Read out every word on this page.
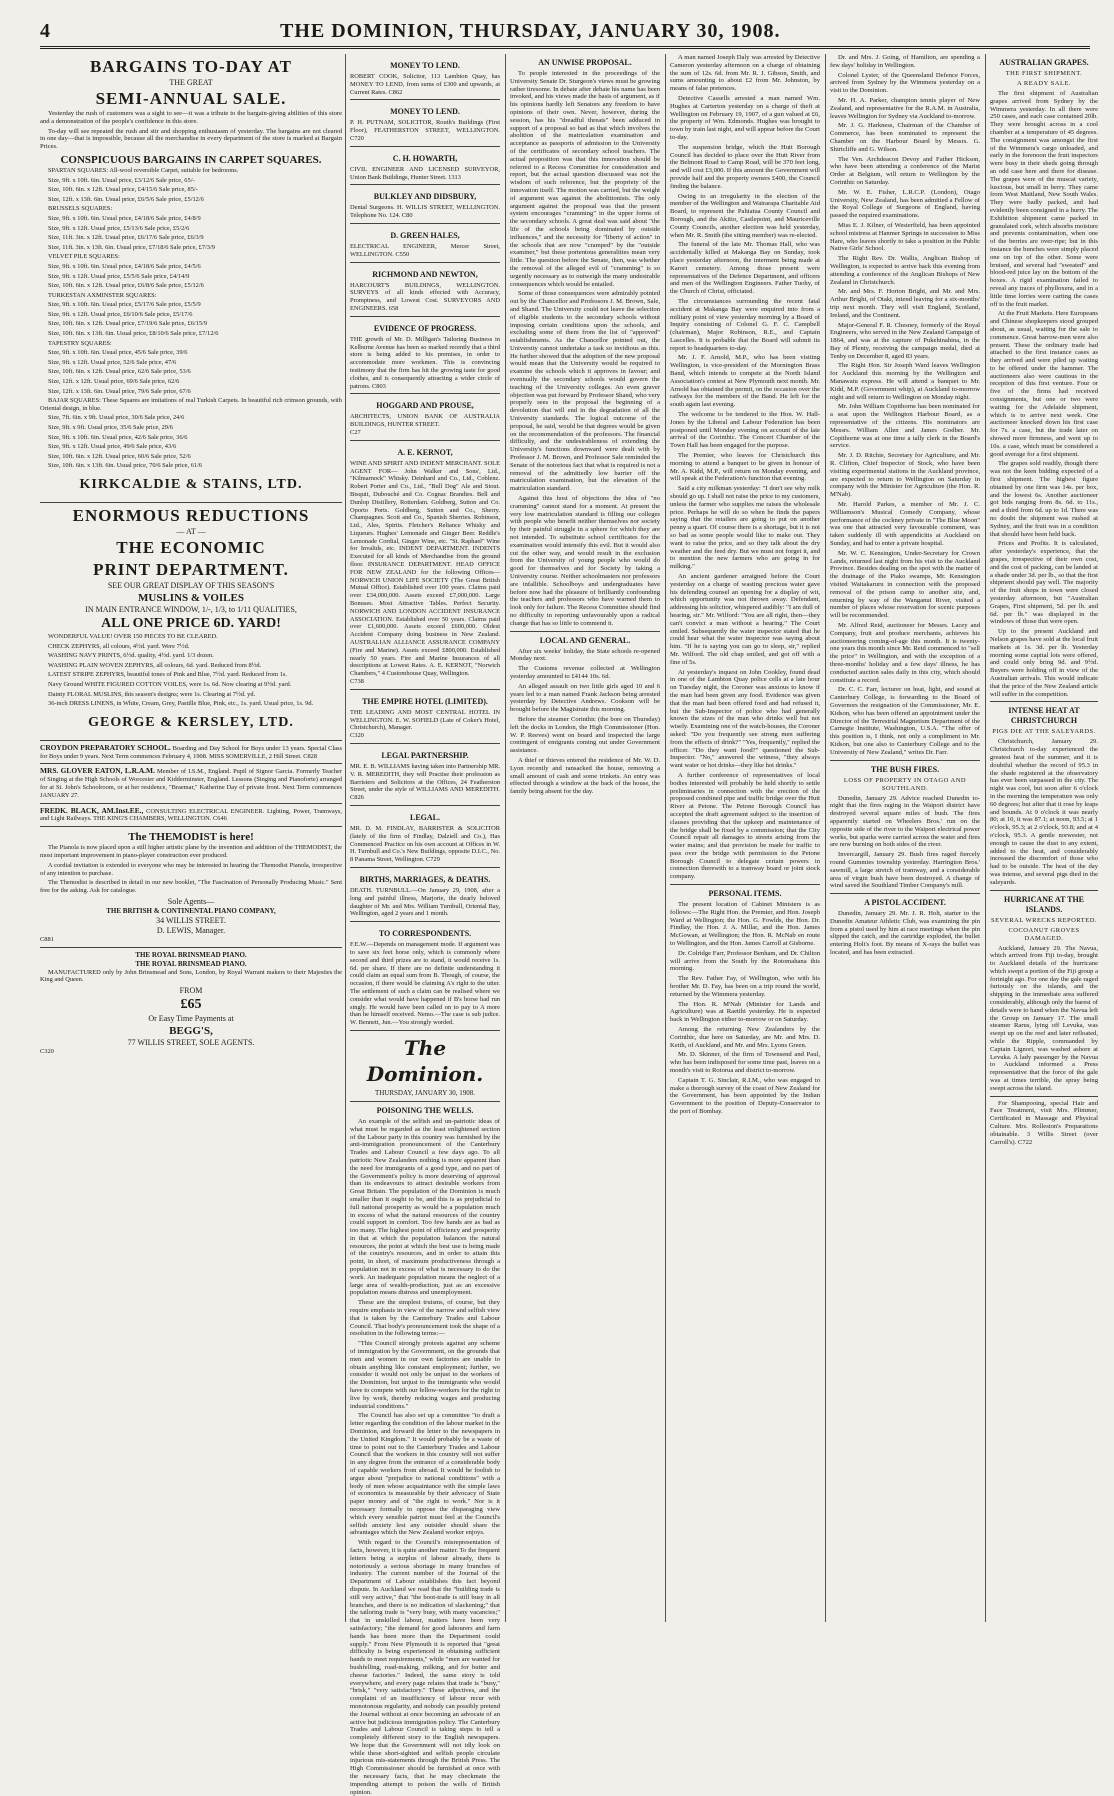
4	THE DOMINION, THURSDAY, JANUARY 30, 1908.
BARGAINS TO-DAY AT
THE GREAT
SEMI-ANNUAL SALE.

Yesterday the rush of customers was a sight to see—it was a tribute to the bargain-giving abilities of this store and a demonstration of the people's confidence in this store.

To-day will see repeated the rush and stir and shopping enthusiasm of yesterday. The bargains are not cleared in one day—that is impossible, because all the merchandise in every department of the store is marked at Bargain Prices.

CONSPICUOUS BARGAINS IN CARPET SQUARES.

SPARTAN SQUARES: All-wool reversible Carpet, suitable for bedrooms.

Size, 9ft. x 10ft. 6in. Usual price, £3/12/6 Sale price, 65/-

Size, 10ft. 6in. x 12ft. Usual price, £4/15/6 Sale price, 85/-

Size, 12ft. x 13ft. 6in. Usual price, £6/5/6 Sale price, £5/12/6

BRUSSELS SQUARES:

Size, 9ft. x 10ft. 6in. Usual price, £4/18/6 Sale price, £4/8/9

Size, 9ft. x 12ft. Usual price, £5/13/6 Sale price, £5/2/6

Size, 11ft. 3in. x 12ft. Usual price, £6/17/6 Sale price, £6/3/9

Size, 11ft. 3in. x 13ft. 6in. Usual price, £7/18/6 Sale price, £7/3/9

VELVET PILE SQUARES:

Size, 9ft. x 10ft. 6in. Usual price, £4/18/6 Sale price, £4/5/6

Size, 9ft. x 12ft. Usual price, £5/5/6 Sale price, £4/14/9

Size, 10ft. 6in. x 12ft. Usual price, £6/8/6 Sale price, £5/12/6

TURKESTAN AXMINSTER SQUARES:

Size, 9ft. x 10ft. 6in. Usual price, £5/17/6 Sale price, £5/5/9

Size, 9ft. x 12ft. Usual price, £6/10/6 Sale price, £5/17/6

Size, 10ft. 6in. x 12ft. Usual price, £7/19/6 Sale price, £6/15/9

Size, 10ft. 6in. x 13ft. 6in. Usual price, £8/10/6 Sale price, £7/12/6

TAPESTRY SQUARES:

Size, 9ft. x 10ft. 6in. Usual price, 45/6 Sale price, 39/6

Size, 9ft. x 12ft. Usual price, 52/6 Sale price, 47/6

Size, 10ft. 6in. x 12ft. Usual price, 62/6 Sale price, 53/6

Size, 12ft. x 12ft. Usual price, 69/6 Sale price, 62/6

Size, 12ft. x 13ft. 6in. Usual price, 79/6 Sale price, 67/6

BAJAR SQUARES: These Squares are imitations of real Turkish Carpets. In beautiful rich crimson grounds, with Oriental design, in blue.

Size, 7ft. 6in. x 9ft. Usual price, 30/6 Sale price, 24/6

Size, 9ft. x 9ft. Usual price, 35/6 Sale price, 29/6

Size, 9ft. x 10ft. 6in. Usual price, 42/6 Sale price, 36/6

Size, 9ft. x 12ft. Usual price, 49/6 Sale price, 43/6

Size, 10ft. 6in. x 12ft. Usual price, 60/6 Sale price, 52/6

Size, 10ft. 6in. x 13ft. 6in. Usual price, 70/6 Sale price, 61/6

KIRKCALDIE & STAINS, LTD.
ENORMOUS REDUCTIONS
— AT —
THE ECONOMIC
PRINT DEPARTMENT.
SEE OUR GREAT DISPLAY OF THIS SEASON'S
MUSLINS & VOILES
IN MAIN ENTRANCE WINDOW, 1/-, 1/3, to 1/11 QUALITIES,
ALL ONE PRICE 6D. YARD!

WONDERFUL VALUE! OVER 150 PIECES TO BE CLEARED.

CHECK ZEPHYRS, all colours, 4½d. yard. Were 7½d.

WASHING NAVY PRINTS, 6½d. quality, 4½d. yard. 1/3 dozen.

WASHING PLAIN WOVEN ZEPHYRS, all colours, 6d. yard. Reduced from 8½d.

LATEST STRIPE ZEPHYRS, beautiful tones of Pink and Blue, 7½d. yard. Reduced from 1s.

Navy Ground WHITE FIGURED COTTON VOILES, were 1s. 6d. Now clearing at 9½d. yard.

Dainty FLORAL MUSLINS, this season's designs; were 1s. Clearing at 7½d. yd.

36-inch DRESS LINENS, in White, Cream, Grey, Pastille Blue, Pink, etc., 1s. yard. Usual price, 1s. 9d.

GEORGE & KERSLEY, LTD.
CROYDON PREPARATORY SCHOOL. Boarding and Day School for Boys under 13 years. Special Class for Boys under 9 years. Next Term commences February 4, 1908. MISS SOMERVILLE, 2 Hill Street. C828
MRS. GLOVER EATON, L.R.A.M. Member of I.S.M., England. Pupil of Signor Garcia. Formerly Teacher of Singing at the High Schools of Worcester and Kidderminster, England. Lessons (Singing and Pianoforte) arranged for at St. John's Schoolroom, or at her residence, "Braemar," Katherine Day of private front. Next Term commences JANUARY 27.
FREDK. BLACK, AM.Inst.EE., CONSULTING ELECTRICAL ENGINEER. Lighting, Power, Tramways, and Light Railways. THE KING'S CHAMBERS, WELLINGTON. C646
The THEMODIST is here!

The Pianola is now placed upon a still higher artistic plane by the invention and addition of the THEMODIST, the most important improvement in piano-player construction ever produced.

A cordial invitation is extended to everyone who may be interested in hearing the Themodist Pianola, irrespective of any intention to purchase.

The Themodist is described in detail in our new booklet, "The Fascination of Personally Producing Music." Sent free for the asking. Ask for catalogue.

Sole Agents—
THE BRITISH & CONTINENTAL PIANO COMPANY,
34 WILLIS STREET.
D. LEWIS, Manager.
C881
THE ROYAL BRINSMEAD PIANO.
THE ROYAL BRINSMEAD PIANO.

MANUFACTURED only by John Brinsmead and Sons, London, by Royal Warrant makers to their Majesties the King and Queen.

FROM
£65
Or Easy Time Payments at
BEGG'S,
77 WILLIS STREET, SOLE AGENTS.
C320
MONEY TO LEND.
ROBERT COOK, Solicitor, 113 Lambton Quay, has MONEY TO LEND, from sums of £300 and upwards, at Current Rates. C862
MONEY TO LEND.
P. H. PUTNAM, SOLICITOR, Routh's Buildings (First Floor), FEATHERSTON STREET, WELLINGTON. C720
C. H. HOWARTH,
CIVIL ENGINEER AND LICENSED SURVEYOR, Union Bank Buildings, Hunter Street. 1313
BULKLEY AND DIDSBURY,
Dental Surgeons. H. WILLIS STREET, WELLINGTON. Telephone No. 124. C80
D. GREEN HALES,
ELECTRICAL ENGINEER, Mercer Street, WELLINGTON. C550
RICHMOND AND NEWTON,
HARCOURT'S BUILDINGS, WELLINGTON. SURVEYS of all kinds effected with Accuracy, Promptness, and Lowest Cost. SURVEYORS AND ENGINEERS. 658
EVIDENCE OF PROGRESS.
THE growth of Mr. D. Milligan's Tailoring Business in Kelburne Avenue has been so marked recently that a third store is being added to his premises, in order to accommodate more workmen. This is convincing testimony that the firm has hit the growing taste for good clothes, and is consequently attracting a wider circle of patrons. C803
HOGGARD AND PROUSE,
ARCHITECTS, UNION BANK OF AUSTRALIA BUILDINGS, HUNTER STREET.
C27
A. E. KERNOT,
WINE AND SPIRIT AND INDENT MERCHANT. SOLE AGENT FOR— John Walker and Sons', Ltd., "Kilmarnock" Whisky. Deinhard and Co., Ltd., Coblenz. Robert Porter and Co., Ltd., "Bull Dog" Ale and Stout. Bisquit, Dubouché and Co. Cognac Brandies. Bell and Dunlop Distillery, Rotterdam. Goldberg, Sutton and Co. Oporto Ports. Goldberg, Sutton and Co., Sherry. Champagnes. Scott and Co., Spanish Sherries. Robinson, Ltd., Ales, Spirits. Fletcher's Reliance Whisky and Liqueurs. Hughes' Lemonade and Ginger Beer. Reddle's Lemonade Cordial, Ginger Wine, etc. "St. Raphael" Wine for Invalids, etc. INDENT DEPARTMENT. INDENTS Executed for all kinds of Merchandise from the ground floor. INSURANCE DEPARTMENT. HEAD OFFICE FOR NEW ZEALAND for the following Offices— NORWICH UNION LIFE SOCIETY (The Great British Mutual Office). Established over 100 years. Claims paid over £34,000,000. Assets exceed £7,000,000. Large Bonuses. Most Attractive Tables. Perfect Security. NORWICH AND LONDON ACCIDENT INSURANCE ASSOCIATION. Established over 50 years. Claims paid over £1,600,000. Assets exceed £600,000. Oldest Accident Company doing business in New Zealand. AUSTRALIAN ALLIANCE ASSURANCE COMPANY (Fire and Marine). Assets exceed £800,000. Established nearly 50 years. Fire and Marine Insurances of all descriptions at Lowest Rates. A. E. KERNOT, "Norwich Chambers," 4 Customhouse Quay, Wellington.
C738
THE EMPIRE HOTEL (LIMITED).
THE LEADING AND MOST CENTRAL HOTEL IN WELLINGTON. E. W. SOFIELD (Late of Coker's Hotel, Christchurch), Manager.
C320
LEGAL PARTNERSHIP.
MR. E. B. WILLIAMS having taken into Partnership MR. V. R. MEREDITH, they will Practise their profession as Barristers and Solicitors at the Offices, 24 Featherston Street, under the style of WILLIAMS AND MEREDITH. C826
LEGAL.
MR. D. M. FINDLAY, BARRISTER & SOLICITOR (lately of the firm of Findlay, Dalziell and Co.), Has Commenced Practice on his own account at Offices in W. H. Turnbull and Co.'s New Buildings, opposite D.I.C., No. 8 Panama Street, Wellington. C729
BIRTHS, MARRIAGES, & DEATHS.
DEATH. TURNBULL.—On January 29, 1908, after a long and painful illness, Marjorie, the dearly beloved daughter of Mr. and Mrs. William Turnbull, Oriental Bay, Wellington, aged 2 years and 1 month.
TO CORRESPONDENTS.
F.E.W.—Depends on management mode. If argument was to save six feet horse only, which is commonly where second and third prizes are to stand, it would receive 1s. 6d. per share. If there are no definite understanding it could claim an equal sum from B. Though, of course, the occasion, if there would be claiming A's right to the utter. The settlement of such a claim can be realised where we consider what would have happened if B's horse had run singly. He would have been called on to pay to A more than he himself received. Nemo.—The case is sub judice. W. Bennett, Jun.—You strongly worded.
The Dominion.
THURSDAY, JANUARY 30, 1908.
POISONING THE WELLS.

An example of the selfish and un-patriotic ideas of what must be regarded as the least enlightened section of the Labour party in this country was furnished by the anti-immigration pronouncement of the Canterbury Trades and Labour Council a few days ago. To all patriotic New Zealanders nothing is more apparent than the need for immigrants of a good type, and no part of the Government's policy is more deserving of approval than its endeavours to attract desirable workers from Great Britain. The population of the Dominion is much smaller than it ought to be, and this is as prejudicial to full national prosperity as would be a population much in excess of what the natural resources of the country could support in comfort. Too few hands are as bad as too many. The highest point of efficiency and prosperity in that at which the population balances the natural resources, the point at which the best use is being made of the country's resources, and in order to attain this point, in short, of maximum productiveness through a population not in excess of what is necessary to do the work. An inadequate population means the neglect of a large area of wealth-production, just as an excessive population means distress and unemployment.

These are the simplest truisms, of course, but they require emphasis in view of the narrow and selfish view that is taken by the Canterbury Trades and Labour Council. That body's pronouncement took the shape of a resolution in the following terms:—

"This Council strongly protests against any scheme of immigration by the Government, on the grounds that men and women in our own factories are unable to obtain anything like constant employment; further, we consider it would not only be unjust to the workers of the Dominion, but unjust to the immigrants who would have to compete with our fellow-workers for the right to live by work, thereby reducing wages and producing industrial conditions."

The Council has also set up a committee "to draft a letter regarding the condition of the labour market in the Dominion, and forward the letter to the newspapers in the United Kingdom." It would probably be a waste of time to point out to the Canterbury Trades and Labour Council that the workers in this country will not suffer in any degree from the entrance of a considerable body of capable workers from abroad. It would be foolish to argue about "prejudice to national conditions" with a body of men whose acquaintance with the simple laws of economics is measurable by their advocacy of State paper money and of "the right to work." Nor is it necessary formally to oppose the disparaging view which every sensible patriot must feel at the Council's selfish anxiety lest any outsider should share the advantages which the New Zealand worker enjoys.

With regard to the Council's misrepresentation of facts, however, it is quite another matter. To the frequent letters being a surplus of labour already, there is notoriously a serious shortage in many branches of industry. The current number of the Journal of the Department of Labour establishes this fact beyond dispute. In Auckland we read that the "building trade is still very active," that "the boot-trade is still busy in all branches, and there is no indication of slackening;" that the tailoring trade is "very busy, with many vacancies;" that in unskilled labour, matters have been very satisfactory; "the demand for good labourers and farm hands has been more than the Department could supply." From New Plymouth it is reported that "great difficulty is being experienced in obtaining sufficient hands to meet requirements," while "men are wanted for bushfelling, road-making, milking, and for butter and cheese factories." Indeed, the same story is told everywhere, and every page relates that trade is "busy," "brisk," "very satisfactory." These adjectives, and the complaint of an insufficiency of labour recur with monotonous regularity, and nobody can possibly pretend the Journal without at once becoming an advocate of an active but judicious immigration policy. The Canterbury Trades and Labour Council is taking steps to tell a completely different story to the English newspapers. We hope that the Government will not idly look on while these short-sighted and selfish people circulate injurious mis-statements through the British Press. The High Commissioner should be furnished at once with the necessary facts, that he may checkmate the impending attempt to poison the wells of British opinion.

AN UNWISE PROPOSAL.

To people interested in the proceedings of the University Senate Dr. Sturgeon's views must be growing rather tiresome. In debate after debate his name has been invoked, and his views made the basis of argument, as if his opinions hardly left Senators any freedom to have opinions of their own. Never, however, during the session, has his "dreadful threats" been adduced in support of a proposal so bad as that which involves the abolition of the matriculation examination and acceptance as passports of admission to the University of the certificates of secondary school teachers. The actual proposition was that this innovation should be referred to a Recess Committee for consideration and report, but the actual question discussed was not the wisdom of such reference, but the propriety of the innovation itself. The motion was carried, but the weight of argument was against the abolitionists. The only argument against the proposal was that the present system encourages "cramming" in the upper forms of the secondary schools. A great deal was said about "the life of the schools being dominated by outside influences," and the necessity for "liberty of action" in the schools that are now "cramped" by the "outside examiner," but these portentous generalities mean very little. The question before the Senate, then, was whether the removal of the alleged evil of "cramming" is so urgently necessary as to outweigh the many undesirable consequences which would be entailed.

Some of those consequences were admirably pointed out by the Chancellor and Professors J. M. Brown, Sale, and Shand. The University could not leave the selection of eligible students to the secondary schools without imposing certain conditions upon the schools, and excluding some of them from the list of "approved" establishments. As the Chancellor pointed out, the University cannot undertake a task so invidious as this. He further showed that the adoption of the new proposal would mean that the University would be required to examine the schools which it approves in favour; and eventually the secondary schools would govern the teaching of the University colleges. An even graver objection was put forward by Professor Shand, who very properly sees in the proposal the beginning of a devolution that will end in the degradation of all the University standards. The logical outcome of the proposal, he said, would be that degrees would be given on the recommendation of the professors. The financial difficulty, and the undesirableness of extending the University's functions downward were dealt with by Professor J. M. Brown, and Professor Sale reminded the Senate of the notorious fact that what is required is not a removal of the admittedly low barrier off the matriculation examination, but the elevation of the matriculation standard.

Against this host of objections the idea of "no cramming" cannot stand for a moment. At present the very low matriculation standard is filling our colleges with people who benefit neither themselves nor society by their painful struggle in a sphere for which they are not intended. To substitute school certificates for the examination would intensify this evil. But it would also cut the other way, and would result in the exclusion from the University of young people who would do good for themselves and for Society by taking a University course. Neither schoolmasters nor professors are infallible. Schoolboys and undergraduates have before now had the pleasure of brilliantly confounding the teachers and professors who have warned them to look only for failure. The Recess Committee should find no difficulty in reporting unfavourably upon a radical change that has so little to commend it.

LOCAL AND GENERAL.

After six weeks' holiday, the State schools re-opened Monday next.

The Customs revenue collected at Wellington yesterday amounted to £4144 10s. 6d.

An alleged assault on two little girls aged 10 and 6 years led to a man named Frank Jackson being arrested yesterday by Detective Andrews. Cookson will be brought before the Magistrate this morning.

Before the steamer Corinthic (the bore on Thursday) left the docks in London, the High Commissioner (Hon. W. P. Reeves) went on board and inspected the large contingent of emigrants coming out under Government assistance.

A thief or thieves entered the residence of Mr. W. D. Lyon recently and ransacked the house, removing a small amount of cash and some trinkets. An entry was effected through a window at the back of the house, the family being absent for the day.

A man named Joseph Daly was arrested by Detective Cameron yesterday afternoon on a charge of obtaining the sum of 12s. 6d. from Mr. R. J. Gibson, Smith, and sums amounting to about £2 from Mr. Johnston, by means of false pretences.

Detective Cassells arrested a man named Wm. Hughes at Carterton yesterday on a charge of theft at Wellington on February 19, 1907, of a gun valued at £6, the property of Wm. Edmonds. Hughes was brought to town by train last night, and will appear before the Court to-day.

The suspension bridge, which the Hutt Borough Council has decided to place over the Hutt River from the Belmont Road to Camp Road, will be 370 feet long, and will cost £3,000. If this amount the Government will provide half and the property owners £400, the Council finding the balance.

Owing to an irregularity in the election of the member of the Wellington and Wairarapa Charitable Aid Board, to represent the Pahiatua County Council and Borough, and the Akitio, Castlepoint, and Mauriceville County Councils, another election was held yesterday, when Mr. R. Smith (the sitting member) was re-elected.

The funeral of the late Mr. Thomas Hall, who was accidentally killed at Makanga Bay on Sunday, took place yesterday afternoon, the interment being made at Karori cemetery. Among those present were representatives of the Defence Department, and officers and men of the Wellington Engineers. Father Tuohy, of the Church of Christ, officiated.

The circumstances surrounding the recent fatal accident at Makanga Bay were enquired into from a military point of view yesterday morning by a Board of Inquiry consisting of Colonel G. F. C. Campbell (chairman), Major Robinson, R.E., and Captain Lascelles. It is probable that the Board will submit its report to headquarters to-day.

Mr. J. F. Arnold, M.P., who has been visiting Wellington, is vice-president of the Mornington Brass Band, which intends to compete at the North Island Association's contest at New Plymouth next month. Mr. Arnold has obtained the permit, on the occasion over the railways for the members of the Band. He left for the south again last evening.

The welcome to be tendered to the Hon. W. Hall-Jones by the Liberal and Labour Federation has been postponed until Monday evening on account of the late arrival of the Corinthic. The Concert Chamber of the Town Hall has been engaged for the purpose.

The Premier, who leaves for Christchurch this morning to attend a banquet to be given in honour of Mr. A. Kidd, M.P., will return on Monday evening, and will speak at the Federation's function that evening.

Said a city milkman yesterday: "I don't see why milk should go up. I shall not raise the price to my customers, unless the farmer who supplies me raises the wholesale price. Perhaps he will do so when he finds the papers saying that the retailers are going to put on another penny a quart. Of course there is a shortage, but it is not so bad as some people would like to make out. They want to raise the price, and so they talk about the dry weather and the feed dry. But we must not forget it, and to mention the new farmers who are going in for milking."

An ancient gardener arraigned before the Court yesterday on a charge of wasting precious water gave his defending counsel an opening for a display of wit, which opportunity was not thrown away. Defendant, addressing his solicitor, whispered audibly: "I am dull of hearing, sir." Mr. Wilford: "You are all right, then—they can't convict a man without a hearing." The Court smiled. Subsequently the water inspector stated that he could hear what the water inspector was saying about him. "If he is saying you can go to sleep, sir," replied Mr. Wilford. The old chap smiled, and got off with a fine of 5s.

At yesterday's inquest on John Cookley, found dead in one of the Lambton Quay police cells at a late hour on Tuesday night, the Coroner was anxious to know if the man had been given any food. Evidence was given that the man had been offered food and had refused it, but the Sub-Inspector of police who had generally known the sizes of the man who drinks well but not wisely. Examining one of the watch-houses, the Coroner asked: "Do you frequently see strong men suffering from the effects of drink?" "Yes, frequently," replied the officer. "Do they want food?" questioned the Sub-Inspector. "No," answered the witness, "they always want water or hot drinks—they like hot drinks."

A further conference of representatives of local bodies interested will probably be held shortly to settle preliminaries in connection with the erection of the proposed combined pipe and traffic bridge over the Hutt River at Petone. The Petone Borough Council has accepted the draft agreement subject to the insertion of clauses providing that the upkeep and maintenance of the bridge shall be fixed by a commission; that the City Council repair all damages to streets arising from the water mains; and that provision be made for traffic to pass over the bridge with permission to the Petone Borough Council to delegate certain powers in connection therewith to a tramway board or joint stock company.

PERSONAL ITEMS.

The present location of Cabinet Ministers is as follows:—The Right Hon. the Premier, and Hon. Joseph Ward at Wellington; the Hon. G. Fowlds, the Hon. Dr. Findlay, the Hon. J. A. Millar, and the Hon. James McGowan, at Wellington; the Hon. R. McNab en route to Wellington, and the Hon. James Carroll at Gisborne.

Dr. Colridge Farr, Professor Benham, and Dr. Chilton will arrive from the South by the Rotomahana this morning.

The Rev. Father Fay, of Wellington, who with his brother Mr. D. Fay, has been on a trip round the world, returned by the Wimmera yesterday.

The Hon. R. M'Nab (Minister for Lands and Agriculture) was at Raetihi yesterday. He is expected back in Wellington either to-morrow or on Saturday.

Among the returning New Zealanders by the Corinthic, due here on Saturday, are Mr. and Mrs. D. Keith, of Auckland, and Mr. and Mrs. Lyons Green.

Mr. D. Skinner, of the firm of Townsend and Paul, who has been indisposed for some time past, leaves on a month's visit to Rotorua and district to-morrow.

Captain T. G. Sinclair, R.I.M., who was engaged to make a thorough survey of the coast of New Zealand for the Government, has been appointed by the Indian Government to the position of Deputy-Conservator to the port of Bombay.

Dr. and Mrs. J. Going, of Hamilton, are spending a few days' holiday in Wellington.

Colonel Lyster, of the Queensland Defence Forces, arrived from Sydney by the Wimmera yesterday on a visit to the Dominion.

Mr. H. A. Parker, champion tennis player of New Zealand, and representative for the R.A.M. in Australia, leaves Wellington for Sydney via Auckland to-morrow.

Mr. J. G. Harkness, Chairman of the Chamber of Commerce, has been nominated to represent the Chamber on the Harbour Board by Messrs. G. Shirtcliffe and G. Wilson.

The Ven. Archdeacon Devoy and Father Hickson, who have been attending a conference of the Marist Order at Belgium, will return to Wellington by the Corinthic on Saturday.

Mr. W. E. Fisher, L.R.C.P. (London), Otago University, New Zealand, has been admitted a Fellow of the Royal College of Surgeons of England, having passed the required examinations.

Miss E. J. Kilner, of Westerfield, has been appointed school mistress at Hanmer Springs in succession to Miss Hare, who leaves shortly to take a position in the Public Native Girls' School.

The Right Rev. Dr. Wallis, Anglican Bishop of Wellington, is expected to arrive back this evening from attending a conference of the Anglican Bishops of New Zealand in Christchurch.

Mr. and Mrs. F. Horton Bright, and Mr. and Mrs. Arthur Bright, of Otaki, intend leaving for a six-months' trip next month. They will visit England, Scotland, Ireland, and the Continent.

Major-General F. R. Chesney, formerly of the Royal Engineers, who served in the New Zealand Campaign of 1864, and was at the capture of Pukehinahina, in the Bay of Plenty, receiving the campaign medal, died at Tenby on December 8, aged 83 years.

The Right Hon. Sir Joseph Ward leaves Wellington for Auckland this morning by the Wellington and Manawatu express. He will attend a banquet to Mr. Kidd, M.P. (Government whip), at Auckland to-morrow night and will return to Wellington on Monday night.

Mr. John William Copithorne has been nominated for a seat upon the Wellington Harbour Board, as a representative of the citizens. His nominators are Messrs. William Allen and James Godber. Mr. Copithorne was at one time a tally clerk in the Board's service.

Mr. J. D. Ritchie, Secretary for Agriculture, and Mr. R. Clifton, Chief Inspector of Stock, who have been visiting experimental stations in the Auckland province, are expected to return to Wellington on Saturday in company with the Minister for Agriculture (the Hon. R. M'Nab).

Mr. Harold Parkes, a member of Mr. J. C. Williamson's Musical Comedy Company, whose performance of the cockney private in "The Blue Moon" was one that attracted very favourable comment, was taken suddenly ill with appendicitis at Auckland on Sunday, and had to enter a private hospital.

Mr. W. C. Kensington, Under-Secretary for Crown Lands, returned last night from his visit to the Auckland Province. Besides dealing on the spot with the matter of the drainage of the Piako swamps, Mr. Kensington visited Waitakaruru in connection with the proposed removal of the prison camp to another site, and, returning by way of the Wanganui River, visited a number of places whose reservation for scenic purposes will be recommended.

Mr. Alfred Reid, auctioneer for Messrs. Lacey and Company, fruit and produce merchants, achieves his auctioneering coming-of-age this month. It is twenty-one years this month since Mr. Reid commenced to "sell the price" in Wellington, and with the exception of a three-months' holiday and a few days' illness, he has conducted auction sales daily in this city, which should constitute a record.

Dr. C. C. Farr, lecturer on heat, light, and sound at Canterbury College, is forwarding to the Board of Governors the resignation of the Commissioner, Mr. E. Kidson, who has been offered an appointment under the Director of the Terrestrial Magnetism Department of the Carnegie Institute, Washington, U.S.A. "The offer of this position is, I think, not only a compliment to Mr. Kidson, but one also to Canterbury College and to the University of New Zealand," writes Dr. Farr.

THE BUSH FIRES.
LOSS OF PROPERTY IN OTAGO AND SOUTHLAND.

Dunedin, January 29. Advice reached Dunedin to-night that the fires raging in the Waipori district have destroyed several square miles of bush. The fires apparently started on Wheelers Bros.' run on the opposite side of the river to the Waipori electrical power works, but sparks were carried across the water and fires are now burning on both sides of the river.

Invercargill, January 29. Bush fires raged fiercely round Gummies township yesterday. Harrington Bros.' sawmill, a large stretch of tramway, and a considerable area of virgin bush have been destroyed. A change of wind saved the Southland Timber Company's mill.

A PISTOL ACCIDENT.

Dunedin, January 29. Mr. J. R. Holt, starter to the Dunedin Amateur Athletic Club, was examining the pin from a pistol used by him at race meetings when the pin slipped the catch, and the cartridge exploded, the bullet entering Holt's foot. By means of X-rays the bullet was located, and has been extracted.

AUSTRALIAN GRAPES.
THE FIRST SHIPMENT.
A READY SALE.

The first shipment of Australian grapes arrived from Sydney by the Wimmera yesterday. In all there were 250 cases, and each case contained 20lb. They were brought across in a cool chamber at a temperature of 45 degrees. The consignment was amongst the first of the Wimmera's cargo unloaded, and early in the forenoon the fruit inspectors were busy in their sheds going through an odd case here and there for disease. The grapes were of the muscat variety, luscious, but small in berry. They came from West Maitland, New South Wales. They were badly packed, and had evidently been consigned in a hurry. The Exhibition shipment came packed in granulated cork, which absorbs moisture and prevents contamination, when one of the berries are over-ripe; but in this instance the bunches were simply placed one on top of the other. Some were bruised, and several had "sweated" and blood-red juice lay on the bottom of the boxes. A rigid examination failed to reveal any traces of phylloxera, and in a little time lorries were carting the cases off to the fruit market.

At the Fruit Markets. Here Europeans and Chinese shopkeepers stood grouped about, as usual, waiting for the sale to commence. Great barrow-men were also present. These the ordinary trade had attached to the first instance cases as they arrived and were piled up waiting to be offered under the hammer. The auctioneers also were cautious in the reception of this first venture. Four or five of the firms had received consignments, but one or two were waiting for the Adelaide shipment, which is to arrive next week. One auctioneer knocked down his first case for 7s. a case, but the trade later on showed more firmness, and went up to 10s. a case, which must be considered a good average for a first shipment.

The grapes sold readily, though there was not the keen bidding expected of a first shipment. The highest figure obtained by one firm was 14s. per box, and the lowest 6s. Another auctioneer got bids ranging from 8s. 6d. to 11s., and a third from 6d. up to 1d. There was no doubt the shipment was rushed at Sydney, and the fruit was in a condition that should have been held back.

Prices and Profits. It is calculated, after yesterday's experience, that the grapes, irrespective of their own cost, and the cost of packing, can be landed at a shade under 3d. per lb., so that the first shipment should pay well. The majority of the fruit shops in town were closed yesterday afternoon, but "Australian Grapes, First shipment, 5d. per lb. and 6d. per lb." was displayed in the windows of those that were open.

Up to the present Auckland and Nelson grapes have sold at the local fruit markets at 1s. 3d. per lb. Yesterday morning some capital lots were offered, and could only bring 9d. and 9½d. Buyers were holding off in view of the Australian arrivals. This would indicate that the price of the New Zealand article will suffer in the competition.

INTENSE HEAT AT CHRISTCHURCH
PIGS DIE AT THE SALEYARDS.

Christchurch, January 29. Christchurch to-day experienced the greatest heat of the summer, and it is doubtful whether the record of 95.3 in the shade registered at the observatory has ever been surpassed in the city. The night was cool, but soon after 6 o'clock in the morning the temperature was only 60 degrees; but after that it rose by leaps and bounds. At 9 o'clock it was nearly 80; at 10, it was 87.1; at noon, 93.5; at 1 o'clock, 95.3; at 2 o'clock, 93.8; and at 4 o'clock, 95.3. A gentle norwester, not enough to cause the dust to any extent, added to the heat, and considerably increased the discomfort of those who had to be outside. The heat of the day was intense, and several pigs died in the saleyards.

HURRICANE AT THE ISLANDS.
SEVERAL WRECKS REPORTED.
COCOANUT GROVES DAMAGED.

Auckland, January 29. The Navua, which arrived from Fiji to-day, brought to Auckland details of the hurricane which swept a portion of the Fiji group a fortnight ago. For one day the gale raged furiously on the islands, and the shipping in the immediate area suffered considerably, although only the barest of details were to hand when the Navua left the Group on January 17. The small steamer Rarus, lying off Levuka, was swept up on the reef and later refloated, while the Ripple, commanded by Captain Lignori, was washed ashore at Levuka. A lady passenger by the Navua to Auckland informed a Press representative that the force of the gale was at times terrible, the spray being swept across the island.

For Shampooing, special Hair and Face Treatment, visit Mrs. Plimmer, Certificated in Massage and Physical Culture. Mrs. Rolleston's Preparations obtainable. 3 Willis Street (over Carroll's). C722
